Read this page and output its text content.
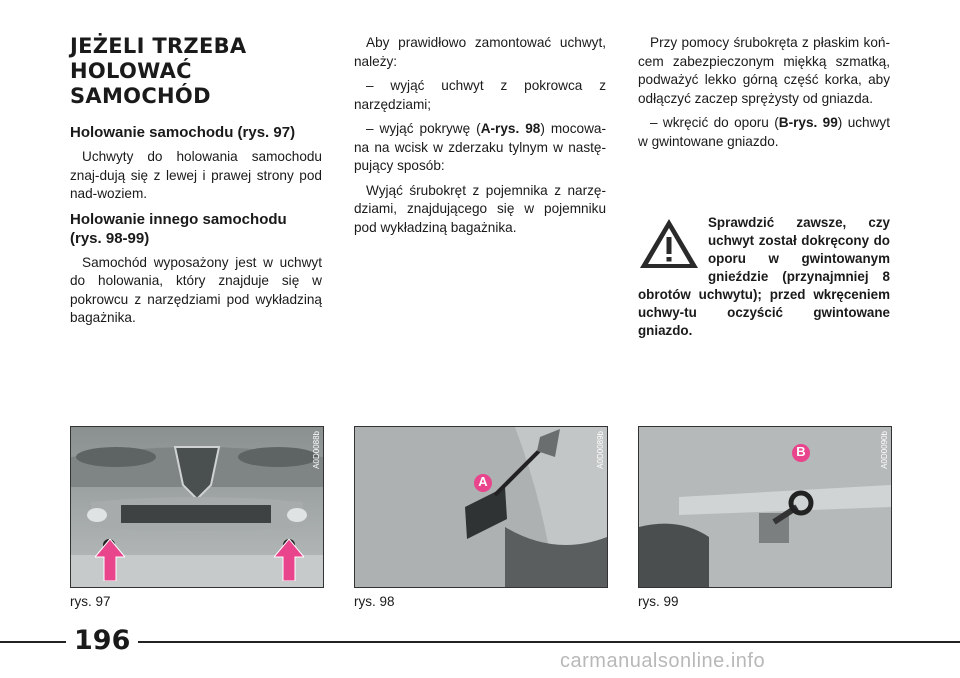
JEŻELI TRZEBA
HOLOWAĆ SAMOCHÓD
Holowanie samochodu (rys. 97)

Uchwyty do holowania samochodu znaj-dują się z lewej i prawej strony pod nad-woziem.

Holowanie innego samochodu (rys. 98-99)

Samochód wyposażony jest w uchwyt do holowania, który znajduje się w pokrowcu z narzędziami pod wykładziną bagażnika.

Aby prawidłowo zamontować uchwyt, należy:

– wyjąć uchwyt z pokrowca z narzędziami;

– wyjąć pokrywę (A-rys. 98) mocowa-na na wcisk w zderzaku tylnym w nastę-pujący sposób:

Wyjąć śrubokręt z pojemnika z narzę-dziami, znajdującego się w pojemniku pod wykładziną bagażnika.

Przy pomocy śrubokręta z płaskim koń-cem zabezpieczonym miękką szmatką, podważyć lekko górną część korka, aby odłączyć zaczep sprężysty od gniazda.

– wkręcić do oporu (B-rys. 99) uchwyt w gwintowane gniazdo.

Sprawdzić zawsze, czy uchwyt został dokręcony do oporu w gwintowanym gnieździe (przynajmniej 8 obrotów uchwytu); przed wkręceniem uchwy-tu oczyścić gwintowane gniazdo.

A0D0088b
A
A0D0089b	B	A0D0090b
rys. 97	rys. 98	rys. 99
196
carmanualsonline.info
